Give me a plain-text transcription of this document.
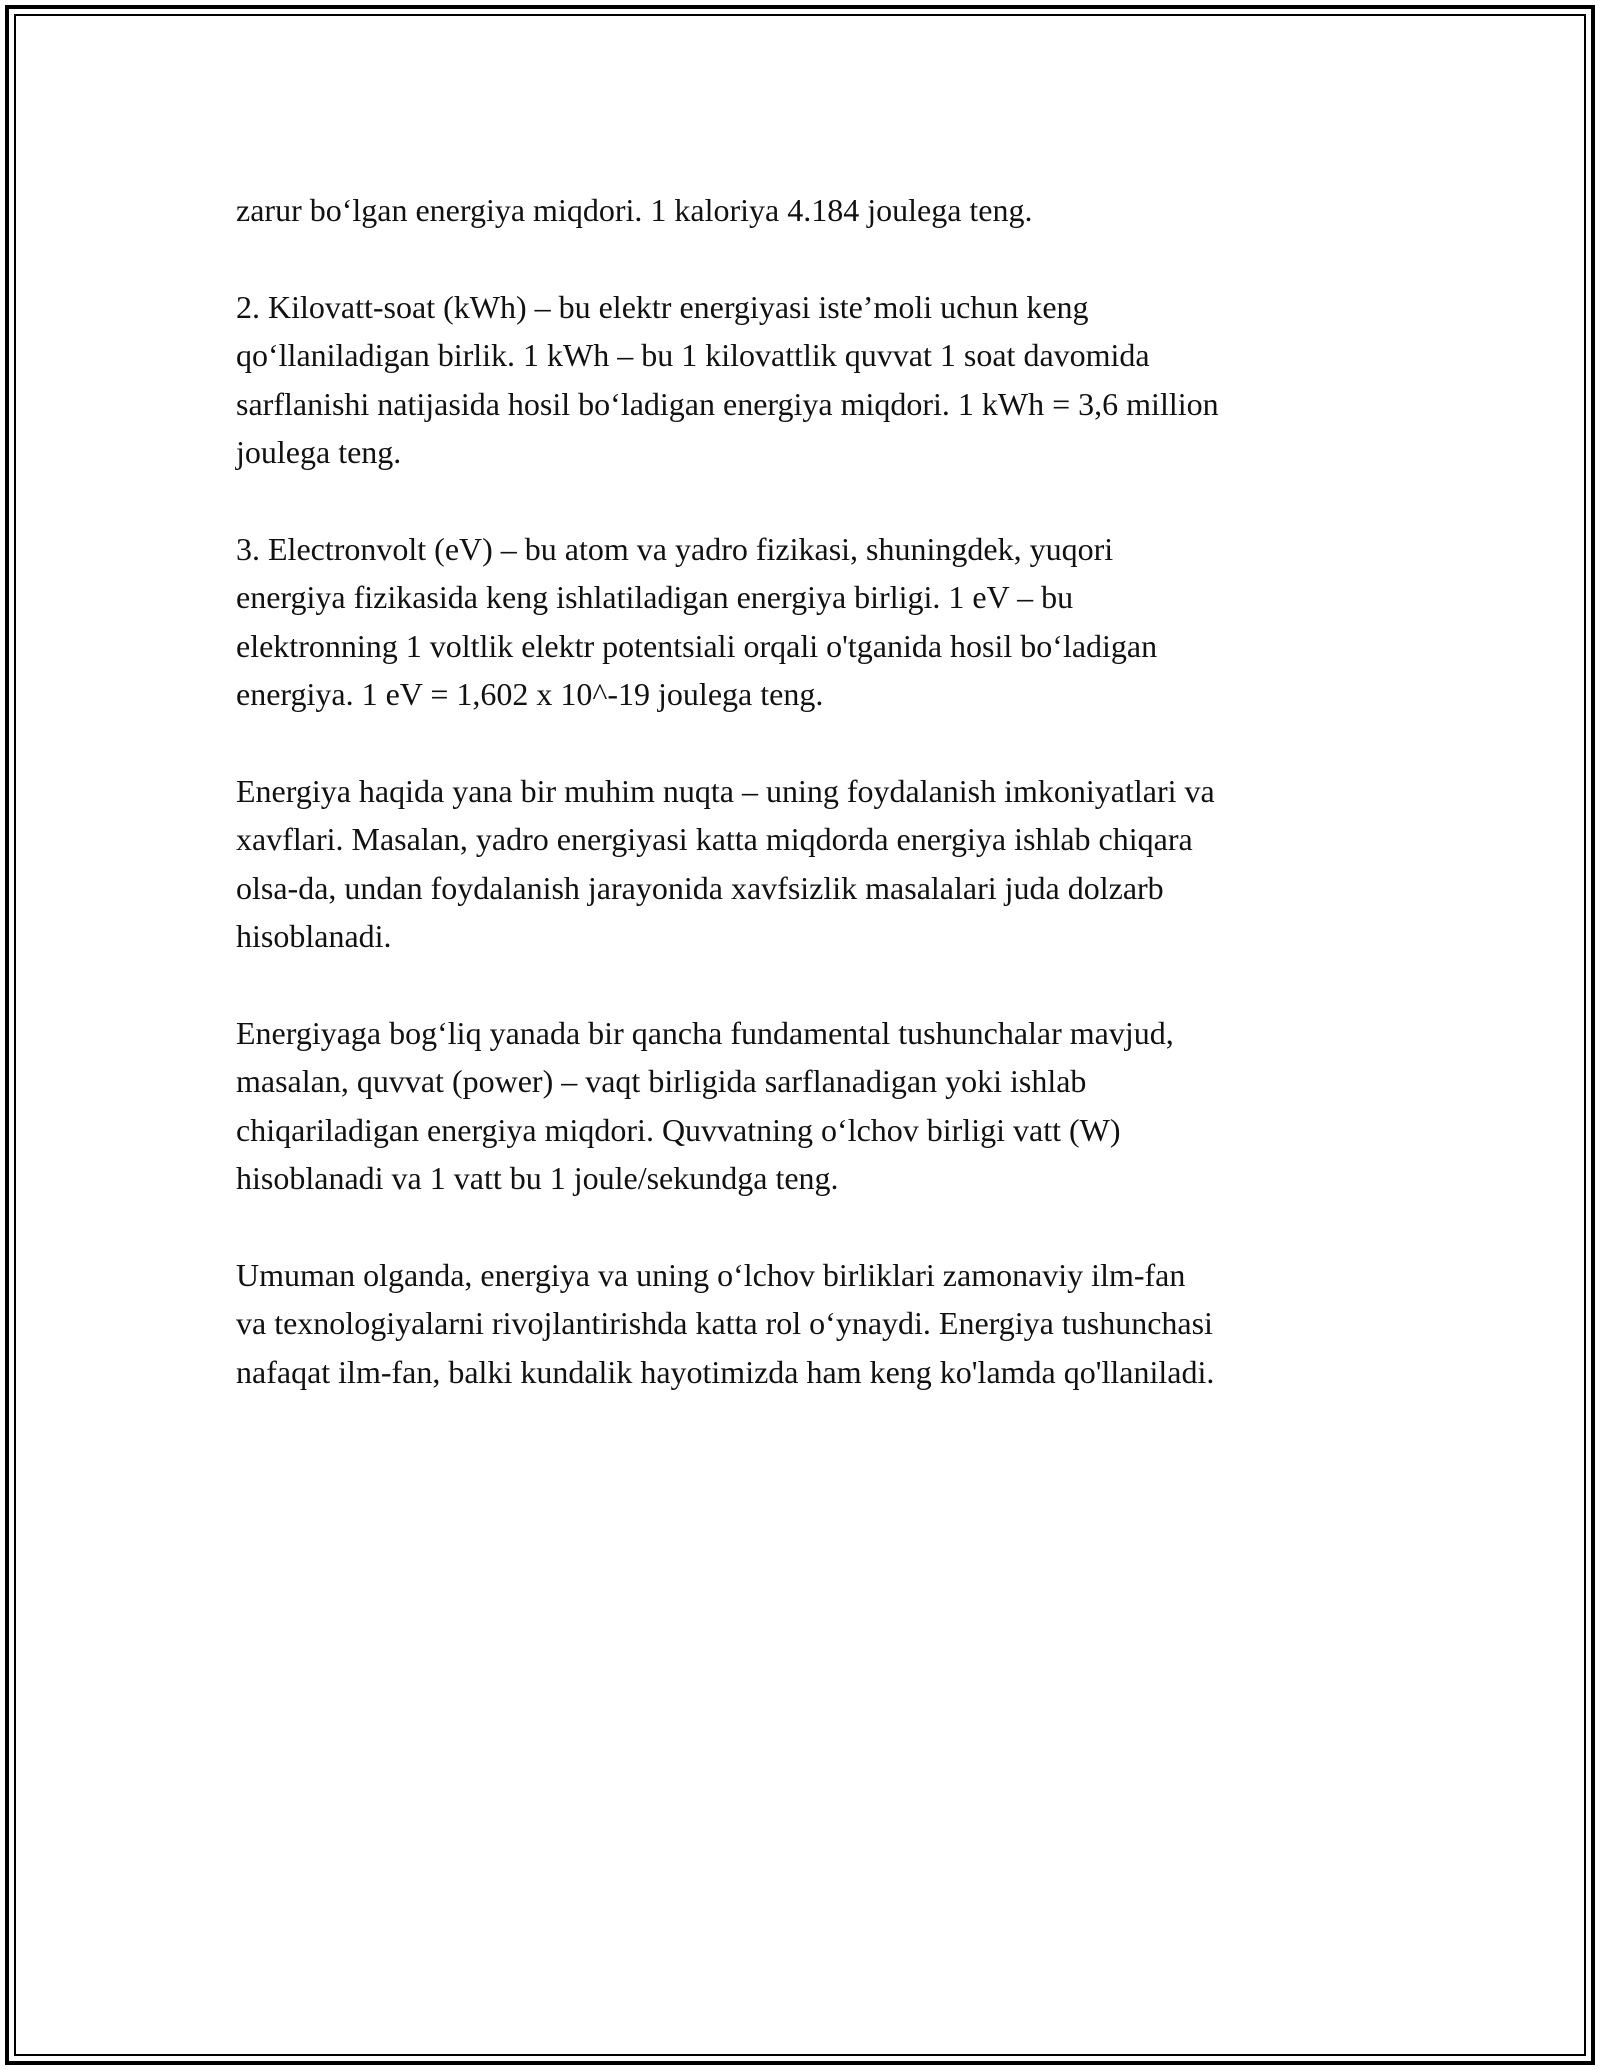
zarur bo‘lgan energiya miqdori. 1 kaloriya 4.184 joulega teng.

2. Kilovatt-soat (kWh) – bu elektr energiyasi iste’moli uchun keng
qo‘llaniladigan birlik. 1 kWh – bu 1 kilovattlik quvvat 1 soat davomida
sarflanishi natijasida hosil bo‘ladigan energiya miqdori. 1 kWh = 3,6 million
joulega teng.

3. Electronvolt (eV) – bu atom va yadro fizikasi, shuningdek, yuqori
energiya fizikasida keng ishlatiladigan energiya birligi. 1 eV – bu
elektronning 1 voltlik elektr potentsiali orqali o'tganida hosil bo‘ladigan
energiya. 1 eV = 1,602 x 10^-19 joulega teng.

Energiya haqida yana bir muhim nuqta – uning foydalanish imkoniyatlari va
xavflari. Masalan, yadro energiyasi katta miqdorda energiya ishlab chiqara
olsa-da, undan foydalanish jarayonida xavfsizlik masalalari juda dolzarb
hisoblanadi.

Energiyaga bog‘liq yanada bir qancha fundamental tushunchalar mavjud,
masalan, quvvat (power) – vaqt birligida sarflanadigan yoki ishlab
chiqariladigan energiya miqdori. Quvvatning o‘lchov birligi vatt (W)
hisoblanadi va 1 vatt bu 1 joule/sekundga teng.

Umuman olganda, energiya va uning o‘lchov birliklari zamonaviy ilm-fan
va texnologiyalarni rivojlantirishda katta rol o‘ynaydi. Energiya tushunchasi
nafaqat ilm-fan, balki kundalik hayotimizda ham keng ko'lamda qo'llaniladi.
